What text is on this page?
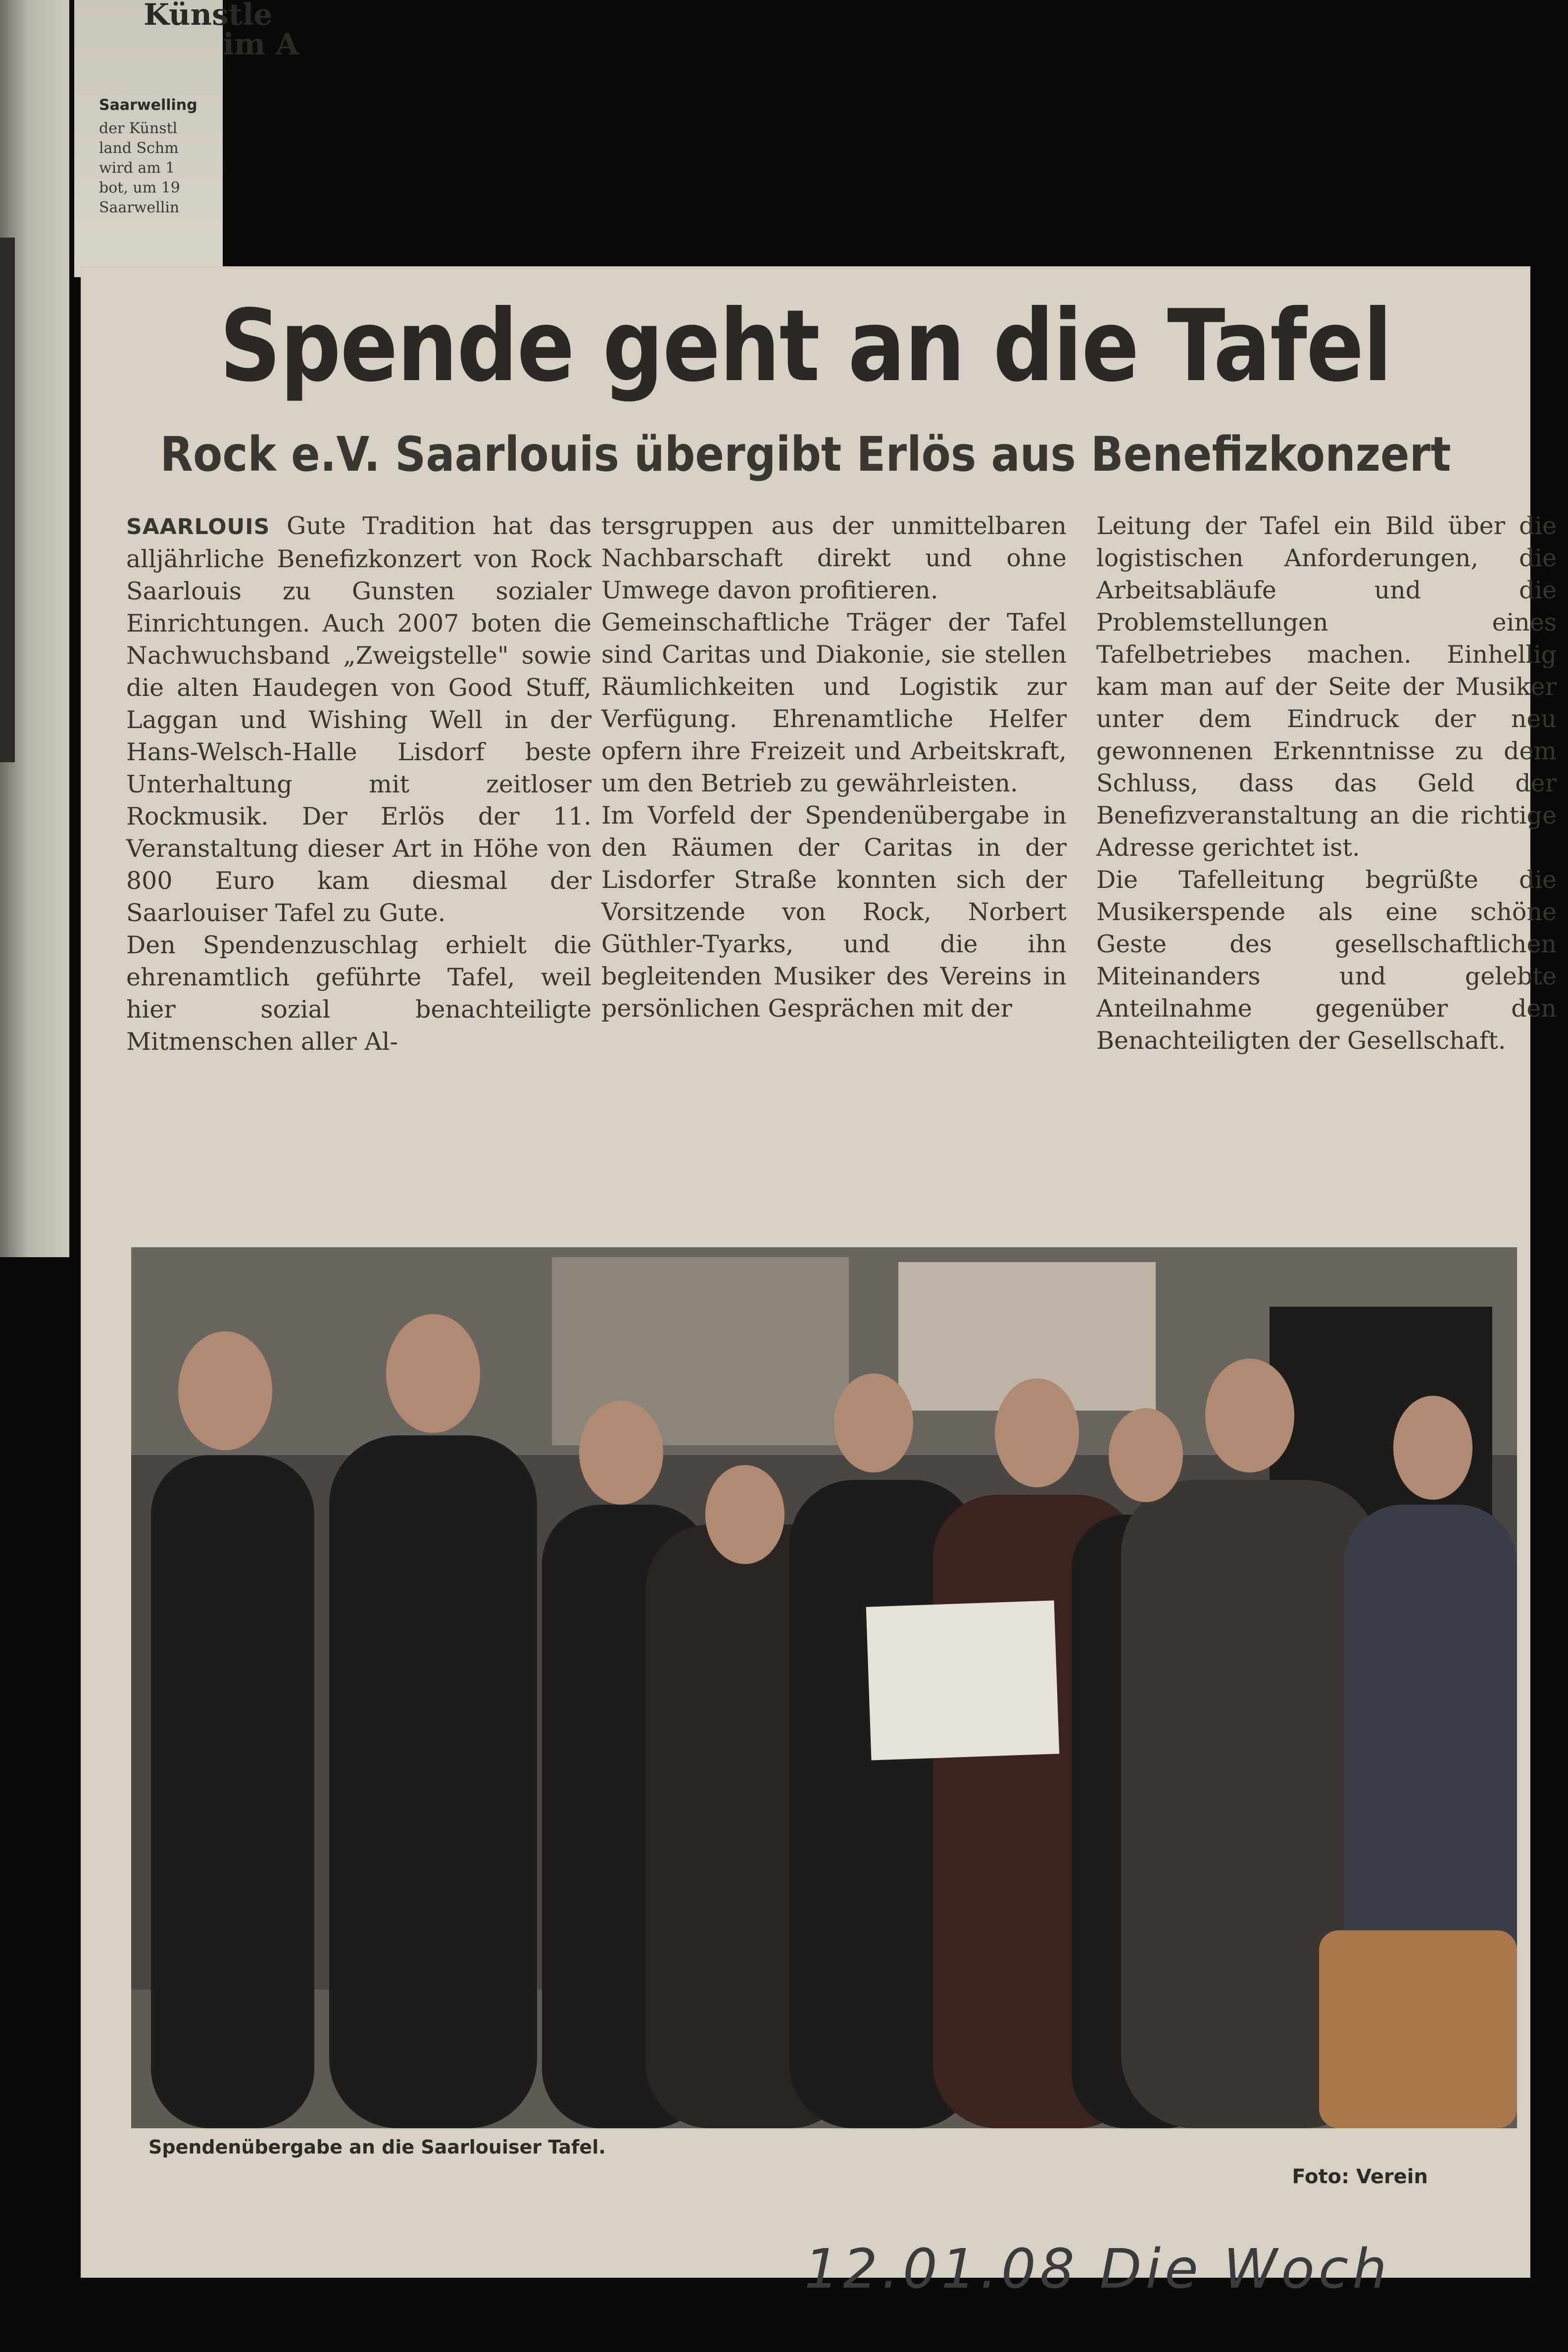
Künstle
im A
Saarwelling
der Künstl
land Schm
wird am 1
bot, um 19
Saarwellin
Spende geht an die Tafel
Rock e.V. Saarlouis übergibt Erlös aus Benefizkonzert

SAARLOUIS Gute Tradition hat das alljährliche Benefizkonzert von Rock Saarlouis zu Gunsten sozialer Einrichtungen. Auch 2007 boten die Nachwuchsband „Zweigstelle" sowie die alten Haudegen von Good Stuff, Laggan und Wishing Well in der Hans-Welsch-Halle Lisdorf beste Unterhaltung mit zeitloser Rockmusik. Der Erlös der 11. Veranstaltung dieser Art in Höhe von 800 Euro kam diesmal der Saarlouiser Tafel zu Gute.

Den Spendenzuschlag erhielt die ehrenamtlich geführte Tafel, weil hier sozial benachteiligte Mitmenschen aller Al-

tersgruppen aus der unmittelbaren Nachbarschaft direkt und ohne Umwege davon profitieren.

Gemeinschaftliche Träger der Tafel sind Caritas und Diakonie, sie stellen Räumlichkeiten und Logistik zur Verfügung. Ehrenamtliche Helfer opfern ihre Freizeit und Arbeitskraft, um den Betrieb zu gewährleisten.

Im Vorfeld der Spendenübergabe in den Räumen der Caritas in der Lisdorfer Straße konnten sich der Vorsitzende von Rock, Norbert Güthler-Tyarks, und die ihn begleitenden Musiker des Vereins in persönlichen Gesprächen mit der

Leitung der Tafel ein Bild über die logistischen Anforderungen, die Arbeitsabläufe und die Problemstellungen eines Tafelbetriebes machen. Einhellig kam man auf der Seite der Musiker unter dem Eindruck der neu gewonnenen Erkenntnisse zu dem Schluss, dass das Geld der Benefizveranstaltung an die richtige Adresse gerichtet ist.

Die Tafelleitung begrüßte die Musikerspende als eine schöne Geste des gesellschaftlichen Miteinanders und gelebte Anteilnahme gegenüber den Benachteiligten der Gesellschaft.

Spendenübergabe an die Saarlouiser Tafel.
Foto: Verein
12.01.08 Die Woch
